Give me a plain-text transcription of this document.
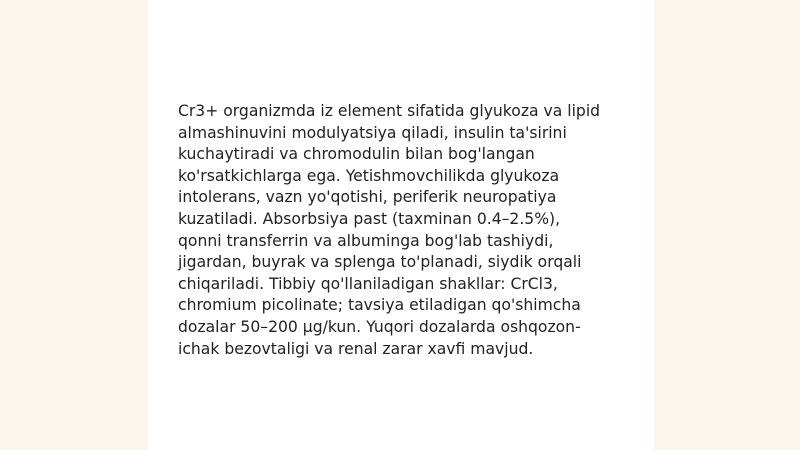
Cr3+ organizmda iz element sifatida glyukoza va lipid
almashinuvini modulyatsiya qiladi, insulin ta'sirini
kuchaytiradi va chromodulin bilan bog'langan
ko'rsatkichlarga ega. Yetishmovchilikda glyukoza
intolerans, vazn yo'qotishi, periferik neuropatiya
kuzatiladi. Absorbsiya past (taxminan 0.4–2.5%),
qonni transferrin va albuminga bog'lab tashiydi,
jigardan, buyrak va splenga to'planadi, siydik orqali
chiqariladi. Tibbiy qo'llaniladigan shakllar: CrCl3,
chromium picolinate; tavsiya etiladigan qo'shimcha
dozalar 50–200 µg/kun. Yuqori dozalarda oshqozon-
ichak bezovtaligi va renal zarar xavfi mavjud.
